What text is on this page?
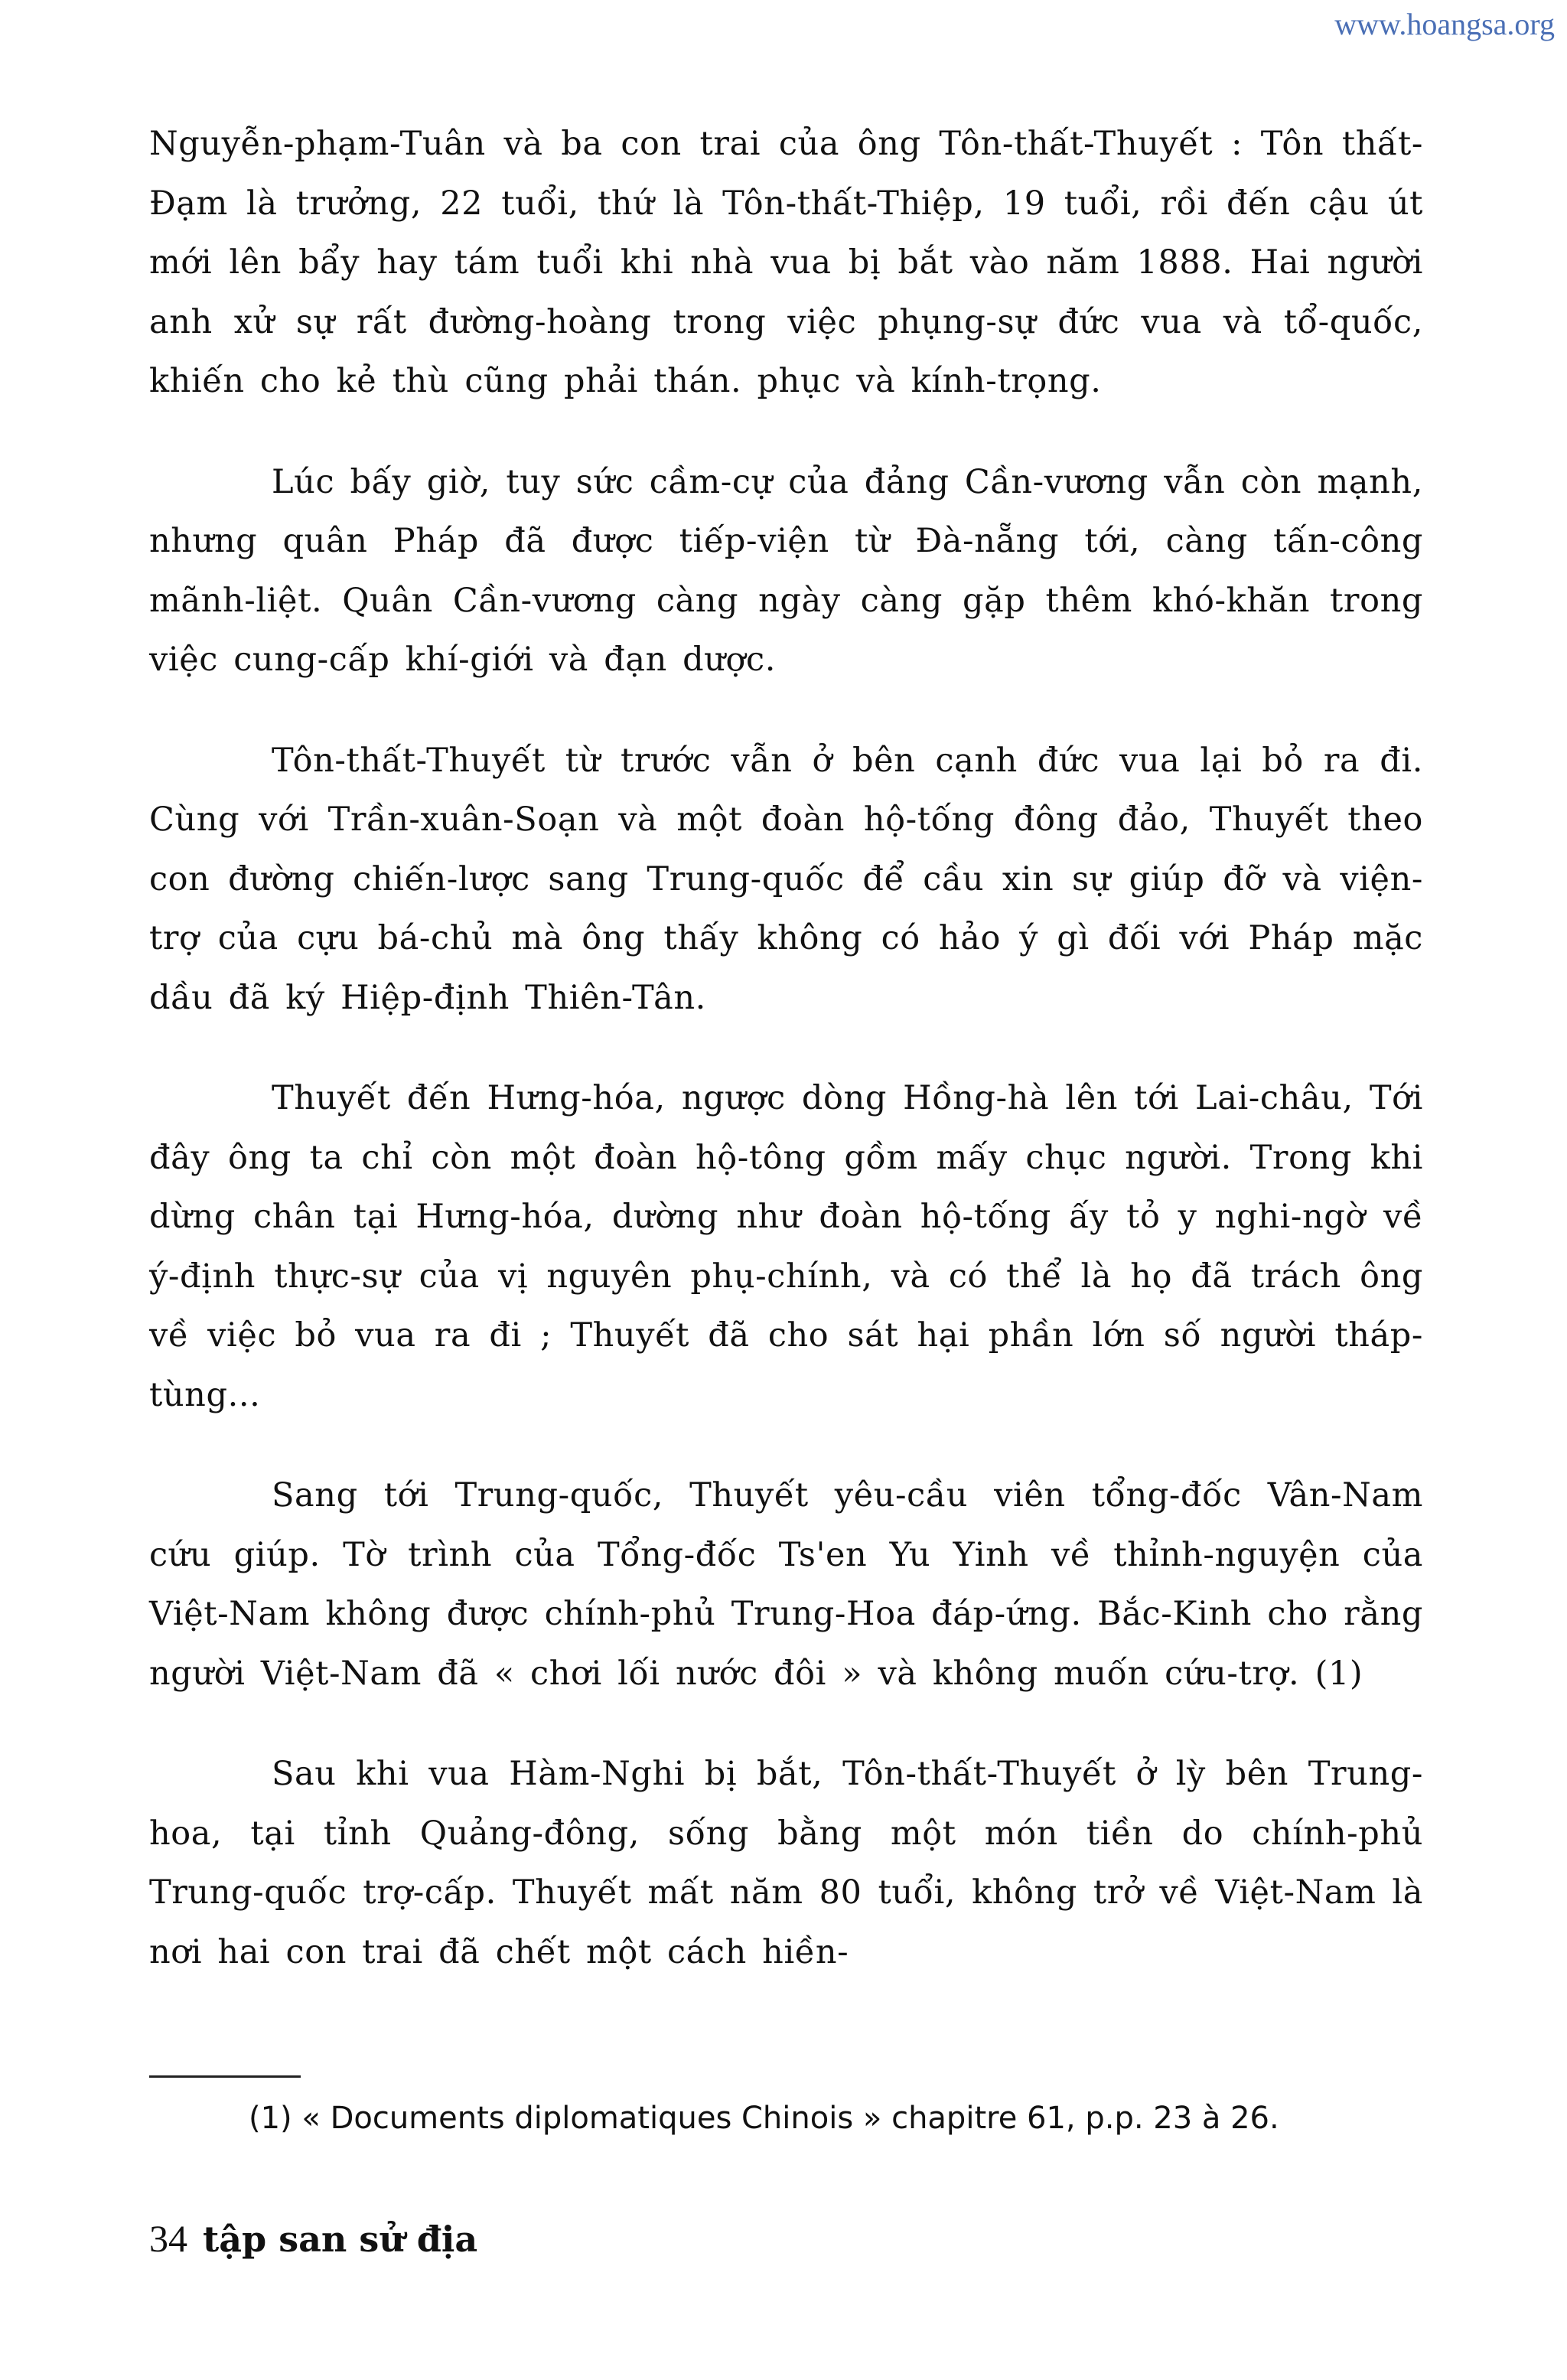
www.hoangsa.org

Nguyễn-phạm-Tuân và ba con trai của ông Tôn-thất-Thuyết : Tôn thất-Đạm là trưởng, 22 tuổi, thứ là Tôn-thất-Thiệp, 19 tuổi, rồi đến cậu út mới lên bẩy hay tám tuổi khi nhà vua bị bắt vào năm 1888. Hai người anh xử sự rất đường-hoàng trong việc phụng-sự đức vua và tổ-quốc, khiến cho kẻ thù cũng phải thán. phục và kính-trọng.

Lúc bấy giờ, tuy sức cầm-cự của đảng Cần-vương vẫn còn mạnh, nhưng quân Pháp đã được tiếp-viện từ Đà-nẵng tới, càng tấn-công mãnh-liệt. Quân Cần-vương càng ngày càng gặp thêm khó-khăn trong việc cung-cấp khí-giới và đạn dược.

Tôn-thất-Thuyết từ trước vẫn ở bên cạnh đức vua lại bỏ ra đi. Cùng với Trần-xuân-Soạn và một đoàn hộ-tống đông đảo, Thuyết theo con đường chiến-lược sang Trung-quốc để cầu xin sự giúp đỡ và viện-trợ của cựu bá-chủ mà ông thấy không có hảo ý gì đối với Pháp mặc dầu đã ký Hiệp-định Thiên-Tân.

Thuyết đến Hưng-hóa, ngược dòng Hồng-hà lên tới Lai-châu, Tới đây ông ta chỉ còn một đoàn hộ-tông gồm mấy chục người. Trong khi dừng chân tại Hưng-hóa, dường như đoàn hộ-tống ấy tỏ y nghi-ngờ về ý-định thực-sự của vị nguyên phụ-chính, và có thể là họ đã trách ông về việc bỏ vua ra đi ; Thuyết đã cho sát hại phần lớn số người tháp-tùng...

Sang tới Trung-quốc, Thuyết yêu-cầu viên tổng-đốc Vân-Nam cứu giúp. Tờ trình của Tổng-đốc Ts'en Yu Yinh về thỉnh-nguyện của Việt-Nam không được chính-phủ Trung-Hoa đáp-ứng. Bắc-Kinh cho rằng người Việt-Nam đã « chơi lối nước đôi » và không muốn cứu-trợ. (1)

Sau khi vua Hàm-Nghi bị bắt, Tôn-thất-Thuyết ở lỳ bên Trung-hoa, tại tỉnh Quảng-đông, sống bằng một món tiền do chính-phủ Trung-quốc trợ-cấp. Thuyết mất năm 80 tuổi, không trở về Việt-Nam là nơi hai con trai đã chết một cách hiền-

(1) « Documents diplomatiques Chinois » chapitre 61, p.p. 23 à 26.
34 tập san sử địa
